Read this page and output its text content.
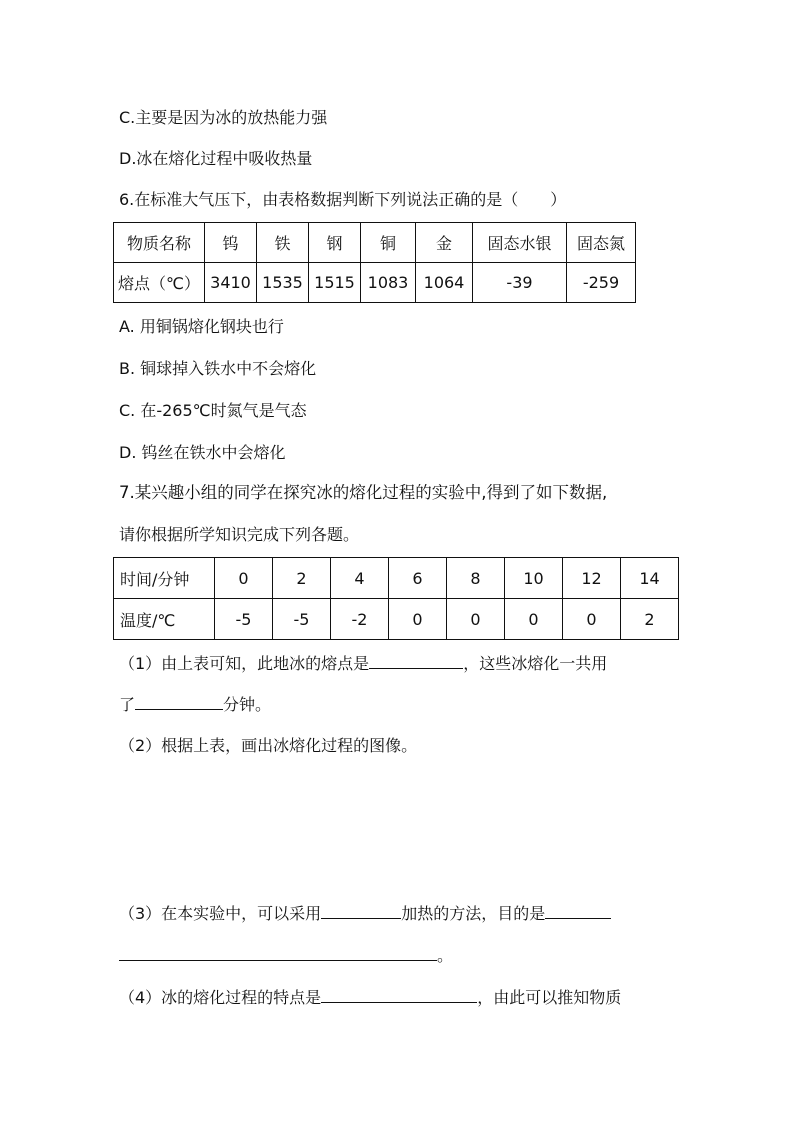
C.主要是因为冰的放热能力强
D.冰在熔化过程中吸收热量
6.在标准大气压下，由表格数据判断下列说法正确的是（　　）
物质名称	钨	铁	钢	铜	金	固态水银	固态氮
熔点（℃）	3410	1535	1515	1083	1064	-39	-259
A. 用铜锅熔化钢块也行
B. 铜球掉入铁水中不会熔化
C. 在-265℃时氮气是气态
D. 钨丝在铁水中会熔化
7.某兴趣小组的同学在探究冰的熔化过程的实验中,得到了如下数据,
请你根据所学知识完成下列各题。
时间/分钟	0	2	4	6	8	10	12	14
温度/℃	-5	-5	-2	0	0	0	0	2
（1）由上表可知，此地冰的熔点是	，这些冰熔化一共用
了	分钟。
（2）根据上表，画出冰熔化过程的图像。
（3）在本实验中，可以采用	加热的方法，目的是
。
（4）冰的熔化过程的特点是	，由此可以推知物质
